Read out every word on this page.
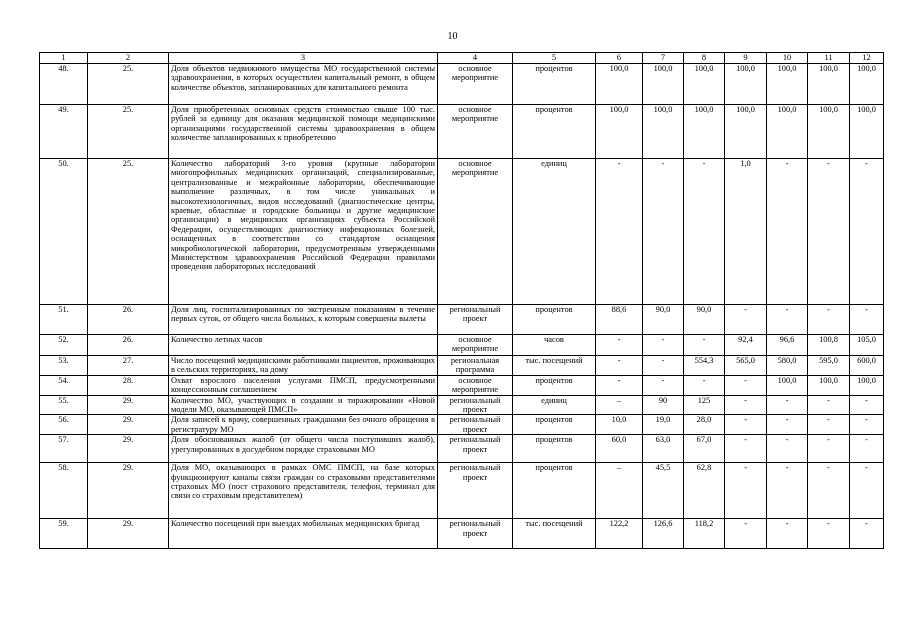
10
1	2	3	4	5	6	7	8	9	10	11	12
48.	25.	Доля объектов недвижимого имущества МО государственной системы здравоохранения, в которых осуществлен капитальный ремонт, в общем количестве объектов, запланированных для капитального ремонта	основное мероприятие	процентов	100,0	100,0	100,0	100,0	100,0	100,0	100,0
49.	25.	Доля приобретенных основных средств стоимостью свыше 100 тыс. рублей за единицу для оказания медицинской помощи медицинскими организациями государственной системы здравоохранения в общем количестве запланированных к приобретению	основное мероприятие	процентов	100,0	100,0	100,0	100,0	100,0	100,0	100,0
50.	25.	Количество лабораторий 3-го уровня (крупные лаборатории многопрофильных медицинских организаций, специализированные, централизованные и межрайонные лаборатории, обеспечивающие выполнение различных, в том числе уникальных и высокотехнологичных, видов исследований (диагностические центры, краевые, областные и городские больницы и другие медицинские организации) в медицинских организациях субъекта Российской Федерации, осуществляющих диагностику инфекционных болезней, оснащенных в соответствии со стандартом оснащения микробиологической лаборатории, предусмотренным утвержденными Министерством здравоохранения Российской Федерации правилами проведения лабораторных исследований	основное мероприятие	единиц	-	-	-	1,0	-	-	-
51.	26.	Доля лиц, госпитализированных по экстренным показаниям в течение первых суток, от общего числа больных, к которым совершены вылеты	региональный проект	процентов	88,6	90,0	90,0	-	-	-	-
52.	26.	Количество летных часов	основное мероприятие	часов	-	-	-	92,4	96,6	100,8	105,0
53.	27.	Число посещений медицинскими работниками пациентов, проживающих в сельских территориях, на дому	региональная программа	тыс. посещений	-	-	554,3	565,0	580,0	595,0	600,0
54.	28.	Охват взрослого населения услугами ПМСП, предусмотренными концессионным соглашением	основное мероприятие	процентов	-	-	-	-	100,0	100,0	100,0
55.	29.	Количество МО, участвующих в создании и тиражировании «Новой модели МО, оказывающей ПМСП»	региональный проект	единиц	–	90	125	-	-	-	-
56.	29.	Доля записей к врачу, совершенных гражданами без очного обращения в регистратуру МО	региональный проект	процентов	10,0	19,0	28,0	-	-	-	-
57.	29.	Доля обоснованных жалоб (от общего числа поступивших жалоб), урегулированных в досудебном порядке страховыми МО	региональный проект	процентов	60,0	63,0	67,0	-	-	-	-
58.	29.	Доля МО, оказывающих в рамках ОМС ПМСП, на базе которых функционируют каналы связи граждан со страховыми представителями страховых МО (пост страхового представителя, телефон, терминал для связи со страховым представителем)	региональный проект	процентов	–	45,5	62,8	-	-	-	-
59.	29.	Количество посещений при выездах мобильных медицинских бригад	региональный проект	тыс. посещений	122,2	126,6	118,2	-	-	-	-
